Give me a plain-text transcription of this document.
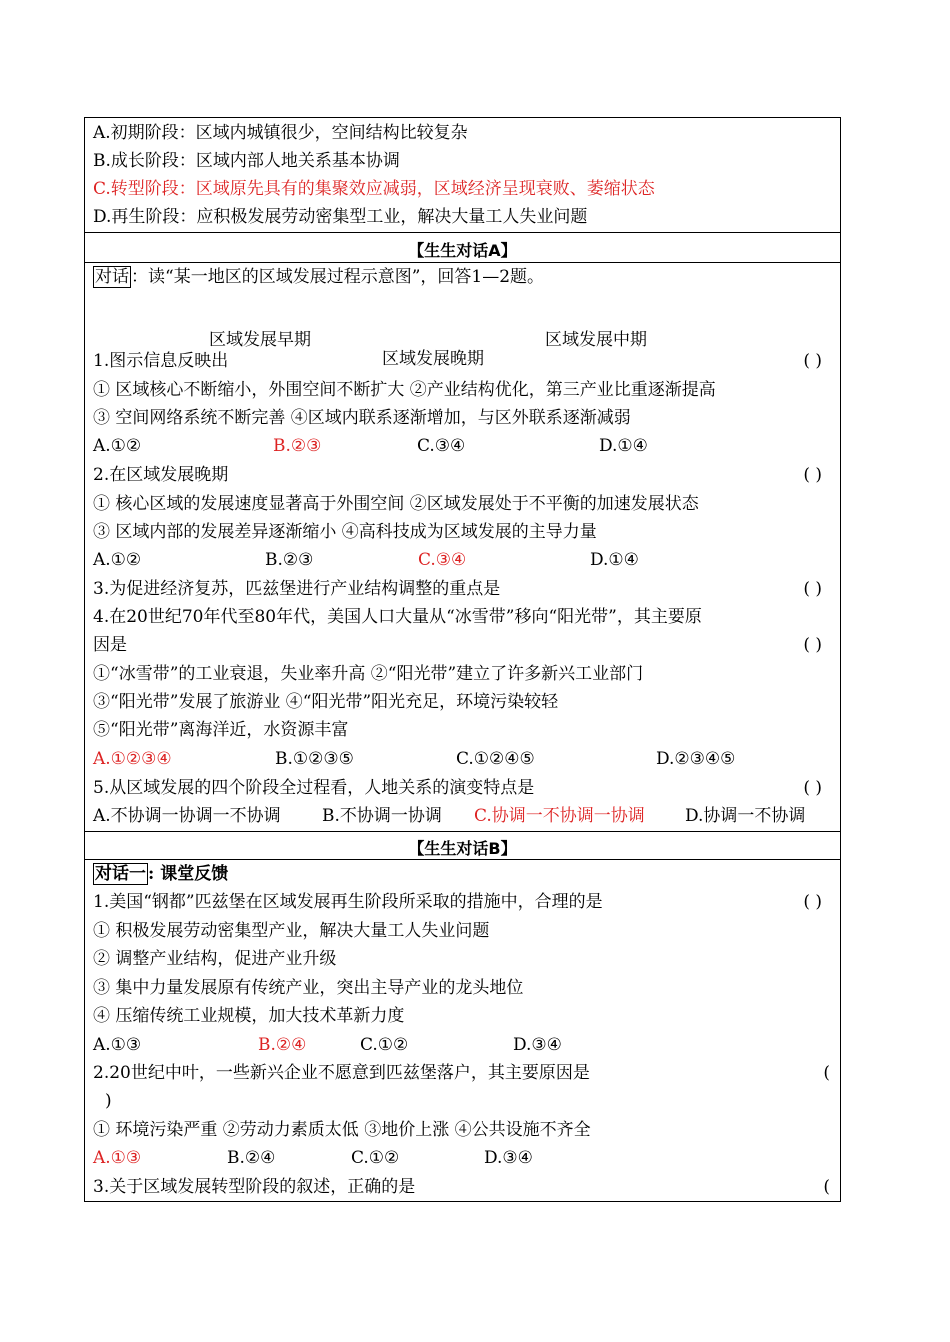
A.初期阶段：区域内城镇很少，空间结构比较复杂
B.成长阶段：区域内部人地关系基本协调
C.转型阶段：区域原先具有的集聚效应减弱，区域经济呈现衰败、萎缩状态
D.再生阶段：应积极发展劳动密集型工业，解决大量工人失业问题
【生生对话A】
对话 ：读“某一地区的区域发展过程示意图”，回答1—2题。
区域发展早期
区域发展晚期
区域发展中期
1.图示信息反映出	( )
① 区域核心不断缩小，外围空间不断扩大 ②产业结构优化，第三产业比重逐渐提高
③ 空间网络系统不断完善 ④区域内联系逐渐增加，与区外联系逐渐减弱
A.①②	B.②③	C.③④	D.①④
2.在区域发展晚期	( )
① 核心区域的发展速度显著高于外围空间 ②区域发展处于不平衡的加速发展状态
③ 区域内部的发展差异逐渐缩小 ④高科技成为区域发展的主导力量
A.①②	B.②③	C.③④	D.①④
3.为促进经济复苏，匹兹堡进行产业结构调整的重点是	( )
4.在20世纪70年代至80年代，美国人口大量从“冰雪带”移向“阳光带”，其主要原
因是	( )
①“冰雪带”的工业衰退，失业率升高 ②“阳光带”建立了许多新兴工业部门
③“阳光带”发展了旅游业 ④“阳光带”阳光充足，环境污染较轻
⑤“阳光带”离海洋近，水资源丰富
A.①②③④	B.①②③⑤	C.①②④⑤	D.②③④⑤
5.从区域发展的四个阶段全过程看，人地关系的演变特点是	( )
A.不协调一协调一不协调 B.不协调一协调 C.协调一不协调一协调 D.协调一不协调
【生生对话B】
对话一 : 课堂反馈
1.美国“钢都”匹兹堡在区域发展再生阶段所采取的措施中，合理的是	( )
① 积极发展劳动密集型产业，解决大量工人失业问题
② 调整产业结构，促进产业升级
③ 集中力量发展原有传统产业，突出主导产业的龙头地位
④ 压缩传统工业规模，加大技术革新力度
A.①③	B.②④	C.①②	D.③④
2.20世纪中叶，一些新兴企业不愿意到匹兹堡落户，其主要原因是	(
)
① 环境污染严重 ②劳动力素质太低 ③地价上涨 ④公共设施不齐全
A.①③	B.②④	C.①②	D.③④
3.关于区域发展转型阶段的叙述，正确的是	(
